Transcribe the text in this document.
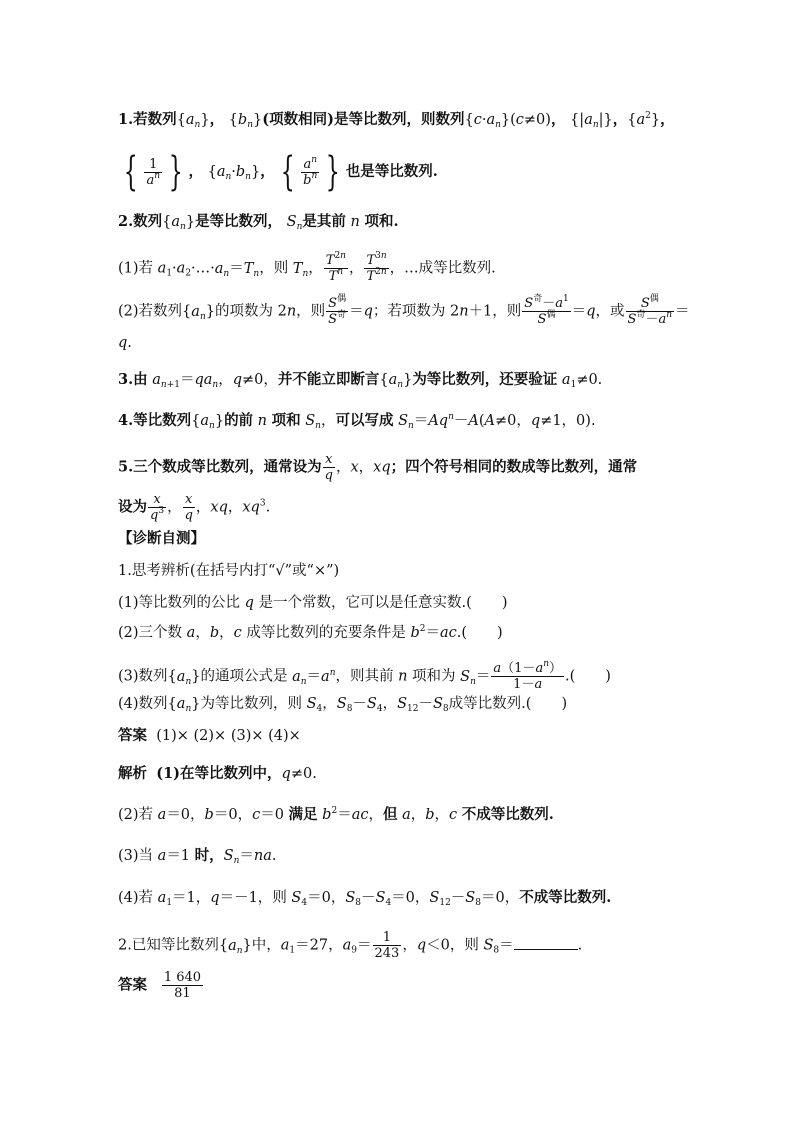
1.若数列$\{a_n\}$， $\{b_n\}$(项数相同)是等比数列，则数列$\{c\cdot a_n\}(c\ne 0)$， $\{|a_n|\}$，$\{a^2\}$，
{ $\frac{1}{a^n}$ } ， $\{a_n\cdot b_n\}$， { $\frac{a^n}{b^n}$ } 也是等比数列.
2.数列$\{a_n\}$是等比数列， $S_n$是其前 n 项和.
(1)若 $a_1\cdot a_2\cdot\dots\cdot a_n=T_n$，则 $T_n$， $\frac{T^{2n}}{T^n}$ ， $\frac{T^{3n}}{T^{2n}}$ ，…成等比数列.
(2)若数列$\{a_n\}$的项数为 2n，则 $\frac{S^偶}{S^奇} =q$；若项数为 2n＋1，则 $\frac{S^奇-a^1}{S^偶} =q$，或 $\frac{S^偶}{S^奇-a^n}$ ＝
q.
3.由 $a_{n+1}=qa_n$，q≠0，并不能立即断言$\{a_n\}$为等比数列，还要验证 $a_1\ne 0$.
4.等比数列$\{a_n\}$的前 n 项和 $S_n$，可以写成 $S_n=Aq^n-A(A\ne 0$，q≠1，0).
5.三个数成等比数列，通常设为 $\frac{x}{q}$ ，x，xq；四个符号相同的数成等比数列，通常
设为 $\frac{x}{q^3}$ ， $\frac{x}{q}$ ，xq，$xq^3$.
【诊断自测】
1.思考辨析(在括号内打“√”或“×”)
(1)等比数列的公比 q 是一个常数，它可以是任意实数.( )
(2)三个数 a，b，c 成等比数列的充要条件是 $b^2=ac$.( )
(3)数列$\{a_n\}$的通项公式是 $a_n=a^n$，则其前 n 项和为 $S_n= \frac{a(1-a^n)}{1-a}$ .( )
(4)数列$\{a_n\}$为等比数列，则 $S_4$，$S_8-S_4$，$S_{12}-S_8$成等比数列.( )
答案 (1)× (2)× (3)× (4)×
解析 (1)在等比数列中，q≠0.
(2)若 a＝0，b＝0，c＝0 满足 $b^2=ac$，但 a，b，c 不成等比数列.
(3)当 a＝1 时，$S_n=na$.
(4)若 $a_1=1$，q＝－1，则 $S_4=0$，$S_8-S_4=0$，$S_{12}-S_8=0$，不成等比数列.
2.已知等比数列$\{a_n\}$中，$a_1=27$，$a_9= \frac{1}{243}$ ，q＜0，则 $S_8=$	.
答案 $\frac{1 640}{81}$
